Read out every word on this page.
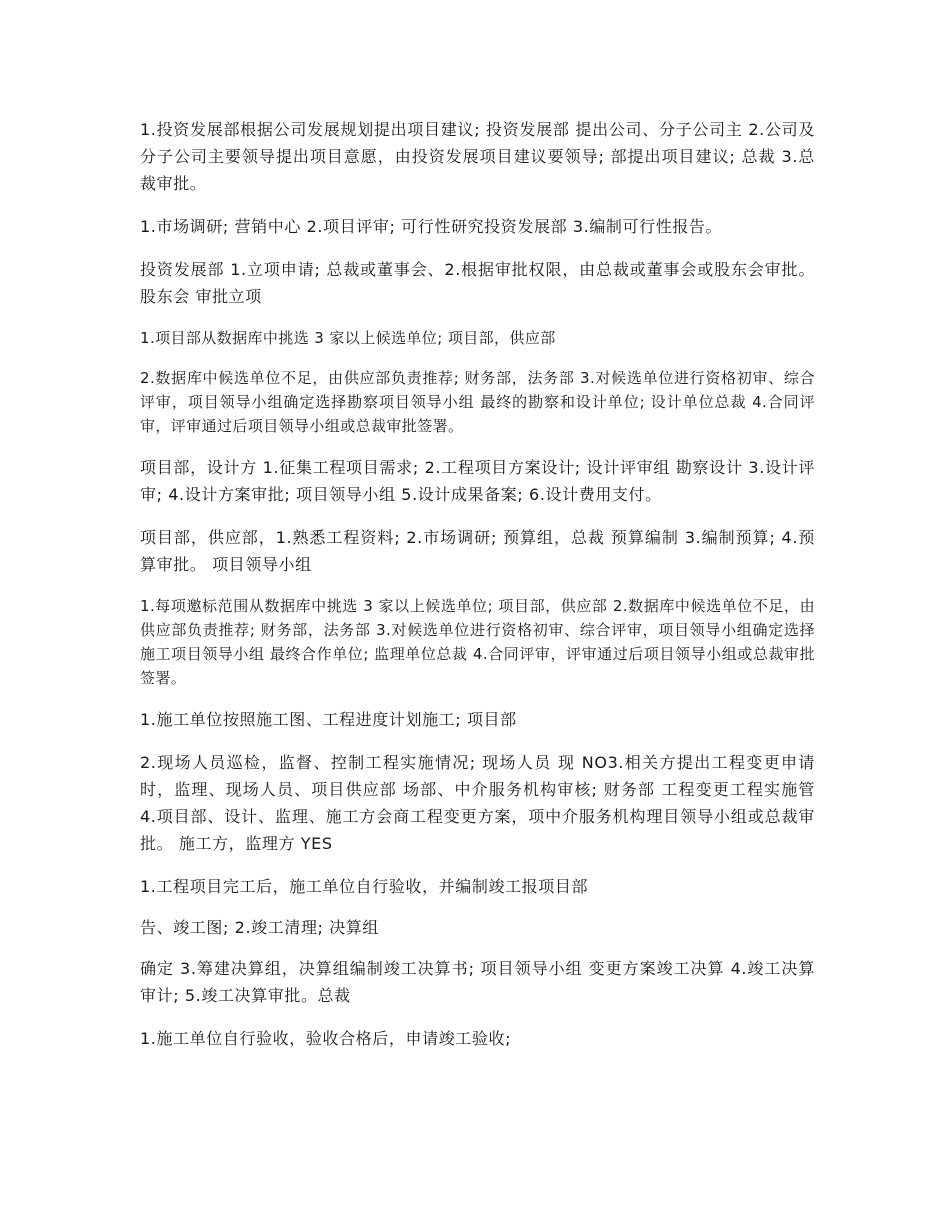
1.投资发展部根据公司发展规划提出项目建议; 投资发展部 提出公司、分子公司主 2.公司及分子公司主要领导提出项目意愿，由投资发展项目建议要领导; 部提出项目建议; 总裁 3.总裁审批。

1.市场调研; 营销中心 2.项目评审; 可行性研究投资发展部 3.编制可行性报告。

投资发展部 1.立项申请; 总裁或董事会、2.根据审批权限，由总裁或董事会或股东会审批。 股东会 审批立项

1.项目部从数据库中挑选 3 家以上候选单位; 项目部，供应部

2.数据库中候选单位不足，由供应部负责推荐; 财务部，法务部 3.对候选单位进行资格初审、综合评审，项目领导小组确定选择勘察项目领导小组 最终的勘察和设计单位; 设计单位总裁 4.合同评审，评审通过后项目领导小组或总裁审批签署。

项目部，设计方 1.征集工程项目需求; 2.工程项目方案设计; 设计评审组 勘察设计 3.设计评审; 4.设计方案审批; 项目领导小组 5.设计成果备案; 6.设计费用支付。

项目部，供应部，1.熟悉工程资料; 2.市场调研; 预算组，总裁 预算编制 3.编制预算; 4.预算审批。 项目领导小组

1.每项邀标范围从数据库中挑选 3 家以上候选单位; 项目部，供应部 2.数据库中候选单位不足，由供应部负责推荐; 财务部，法务部 3.对候选单位进行资格初审、综合评审，项目领导小组确定选择施工项目领导小组 最终合作单位; 监理单位总裁 4.合同评审，评审通过后项目领导小组或总裁审批签署。

1.施工单位按照施工图、工程进度计划施工; 项目部

2.现场人员巡检，监督、控制工程实施情况; 现场人员 现 NO3.相关方提出工程变更申请时，监理、现场人员、项目供应部 场部、中介服务机构审核; 财务部 工程变更工程实施管 4.项目部、设计、监理、施工方会商工程变更方案，项中介服务机构理目领导小组或总裁审批。 施工方，监理方 YES

1.工程项目完工后，施工单位自行验收，并编制竣工报项目部

告、竣工图; 2.竣工清理; 决算组

确定 3.筹建决算组，决算组编制竣工决算书; 项目领导小组 变更方案竣工决算 4.竣工决算审计; 5.竣工决算审批。总裁

1.施工单位自行验收，验收合格后，申请竣工验收;
